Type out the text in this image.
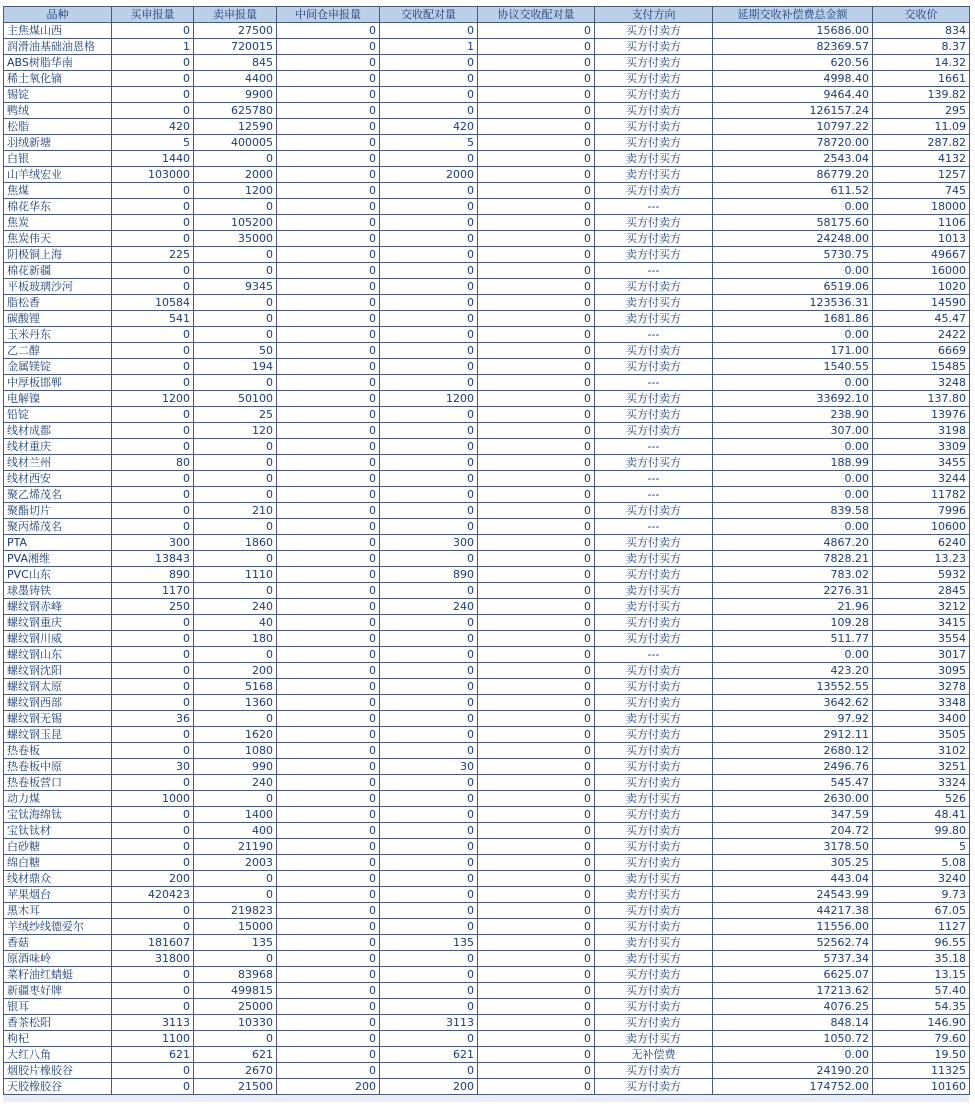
品种	买申报量	卖申报量	中间仓申报量	交收配对量	协议交收配对量	支付方向	延期交收补偿费总金额	交收价
主焦煤山西	0	27500	0	0	0	买方付卖方	15686.00	834
润滑油基础油恩格	1	720015	0	1	0	买方付卖方	82369.57	8.37
ABS树脂华南	0	845	0	0	0	买方付卖方	620.56	14.32
稀土氧化镝	0	4400	0	0	0	买方付卖方	4998.40	1661
锡锭	0	9900	0	0	0	买方付卖方	9464.40	139.82
鸭绒	0	625780	0	0	0	买方付卖方	126157.24	295
松脂	420	12590	0	420	0	买方付卖方	10797.22	11.09
羽绒新塘	5	400005	0	5	0	买方付卖方	78720.00	287.82
白银	1440	0	0	0	0	卖方付买方	2543.04	4132
山羊绒宏业	103000	2000	0	2000	0	卖方付买方	86779.20	1257
焦煤	0	1200	0	0	0	买方付卖方	611.52	745
棉花华东	0	0	0	0	0	---	0.00	18000
焦炭	0	105200	0	0	0	买方付卖方	58175.60	1106
焦炭伟天	0	35000	0	0	0	买方付卖方	24248.00	1013
阴极铜上海	225	0	0	0	0	卖方付买方	5730.75	49667
棉花新疆	0	0	0	0	0	---	0.00	16000
平板玻璃沙河	0	9345	0	0	0	买方付卖方	6519.06	1020
脂松香	10584	0	0	0	0	卖方付买方	123536.31	14590
碳酸锂	541	0	0	0	0	卖方付买方	1681.86	45.47
玉米丹东	0	0	0	0	0	---	0.00	2422
乙二醇	0	50	0	0	0	买方付卖方	171.00	6669
金属镁锭	0	194	0	0	0	买方付卖方	1540.55	15485
中厚板邯郸	0	0	0	0	0	---	0.00	3248
电解镍	1200	50100	0	1200	0	买方付卖方	33692.10	137.80
铅锭	0	25	0	0	0	买方付卖方	238.90	13976
线材成都	0	120	0	0	0	买方付卖方	307.00	3198
线材重庆	0	0	0	0	0	---	0.00	3309
线材兰州	80	0	0	0	0	卖方付买方	188.99	3455
线材西安	0	0	0	0	0	---	0.00	3244
聚乙烯茂名	0	0	0	0	0	---	0.00	11782
聚酯切片	0	210	0	0	0	买方付卖方	839.58	7996
聚丙烯茂名	0	0	0	0	0	---	0.00	10600
PTA	300	1860	0	300	0	买方付卖方	4867.20	6240
PVA湘维	13843	0	0	0	0	卖方付买方	7828.21	13.23
PVC山东	890	1110	0	890	0	买方付卖方	783.02	5932
球墨铸铁	1170	0	0	0	0	卖方付买方	2276.31	2845
螺纹钢赤峰	250	240	0	240	0	卖方付买方	21.96	3212
螺纹钢重庆	0	40	0	0	0	买方付卖方	109.28	3415
螺纹钢川威	0	180	0	0	0	买方付卖方	511.77	3554
螺纹钢山东	0	0	0	0	0	---	0.00	3017
螺纹钢沈阳	0	200	0	0	0	买方付卖方	423.20	3095
螺纹钢太原	0	5168	0	0	0	买方付卖方	13552.55	3278
螺纹钢西部	0	1360	0	0	0	买方付卖方	3642.62	3348
螺纹钢无锡	36	0	0	0	0	卖方付买方	97.92	3400
螺纹钢玉昆	0	1620	0	0	0	买方付卖方	2912.11	3505
热卷板	0	1080	0	0	0	买方付卖方	2680.12	3102
热卷板中原	30	990	0	30	0	买方付卖方	2496.76	3251
热卷板营口	0	240	0	0	0	买方付卖方	545.47	3324
动力煤	1000	0	0	0	0	卖方付买方	2630.00	526
宝钛海绵钛	0	1400	0	0	0	买方付卖方	347.59	48.41
宝钛钛材	0	400	0	0	0	买方付卖方	204.72	99.80
白砂糖	0	21190	0	0	0	买方付卖方	3178.50	5
绵白糖	0	2003	0	0	0	买方付卖方	305.25	5.08
线材鼎众	200	0	0	0	0	卖方付买方	443.04	3240
苹果烟台	420423	0	0	0	0	卖方付买方	24543.99	9.73
黑木耳	0	219823	0	0	0	买方付卖方	44217.38	67.05
羊绒纱线德爱尔	0	15000	0	0	0	买方付卖方	11556.00	1127
香菇	181607	135	0	135	0	卖方付买方	52562.74	96.55
原酒味岭	31800	0	0	0	0	卖方付买方	5737.34	35.18
菜籽油红蜻蜓	0	83968	0	0	0	买方付卖方	6625.07	13.15
新疆枣好牌	0	499815	0	0	0	买方付卖方	17213.62	57.40
银耳	0	25000	0	0	0	买方付卖方	4076.25	54.35
香茶松阳	3113	10330	0	3113	0	买方付卖方	848.14	146.90
枸杞	1100	0	0	0	0	卖方付买方	1050.72	79.60
大红八角	621	621	0	621	0	无补偿费	0.00	19.50
烟胶片橡胶谷	0	2670	0	0	0	买方付卖方	24190.20	11325
天胶橡胶谷	0	21500	200	200	0	买方付卖方	174752.00	10160
